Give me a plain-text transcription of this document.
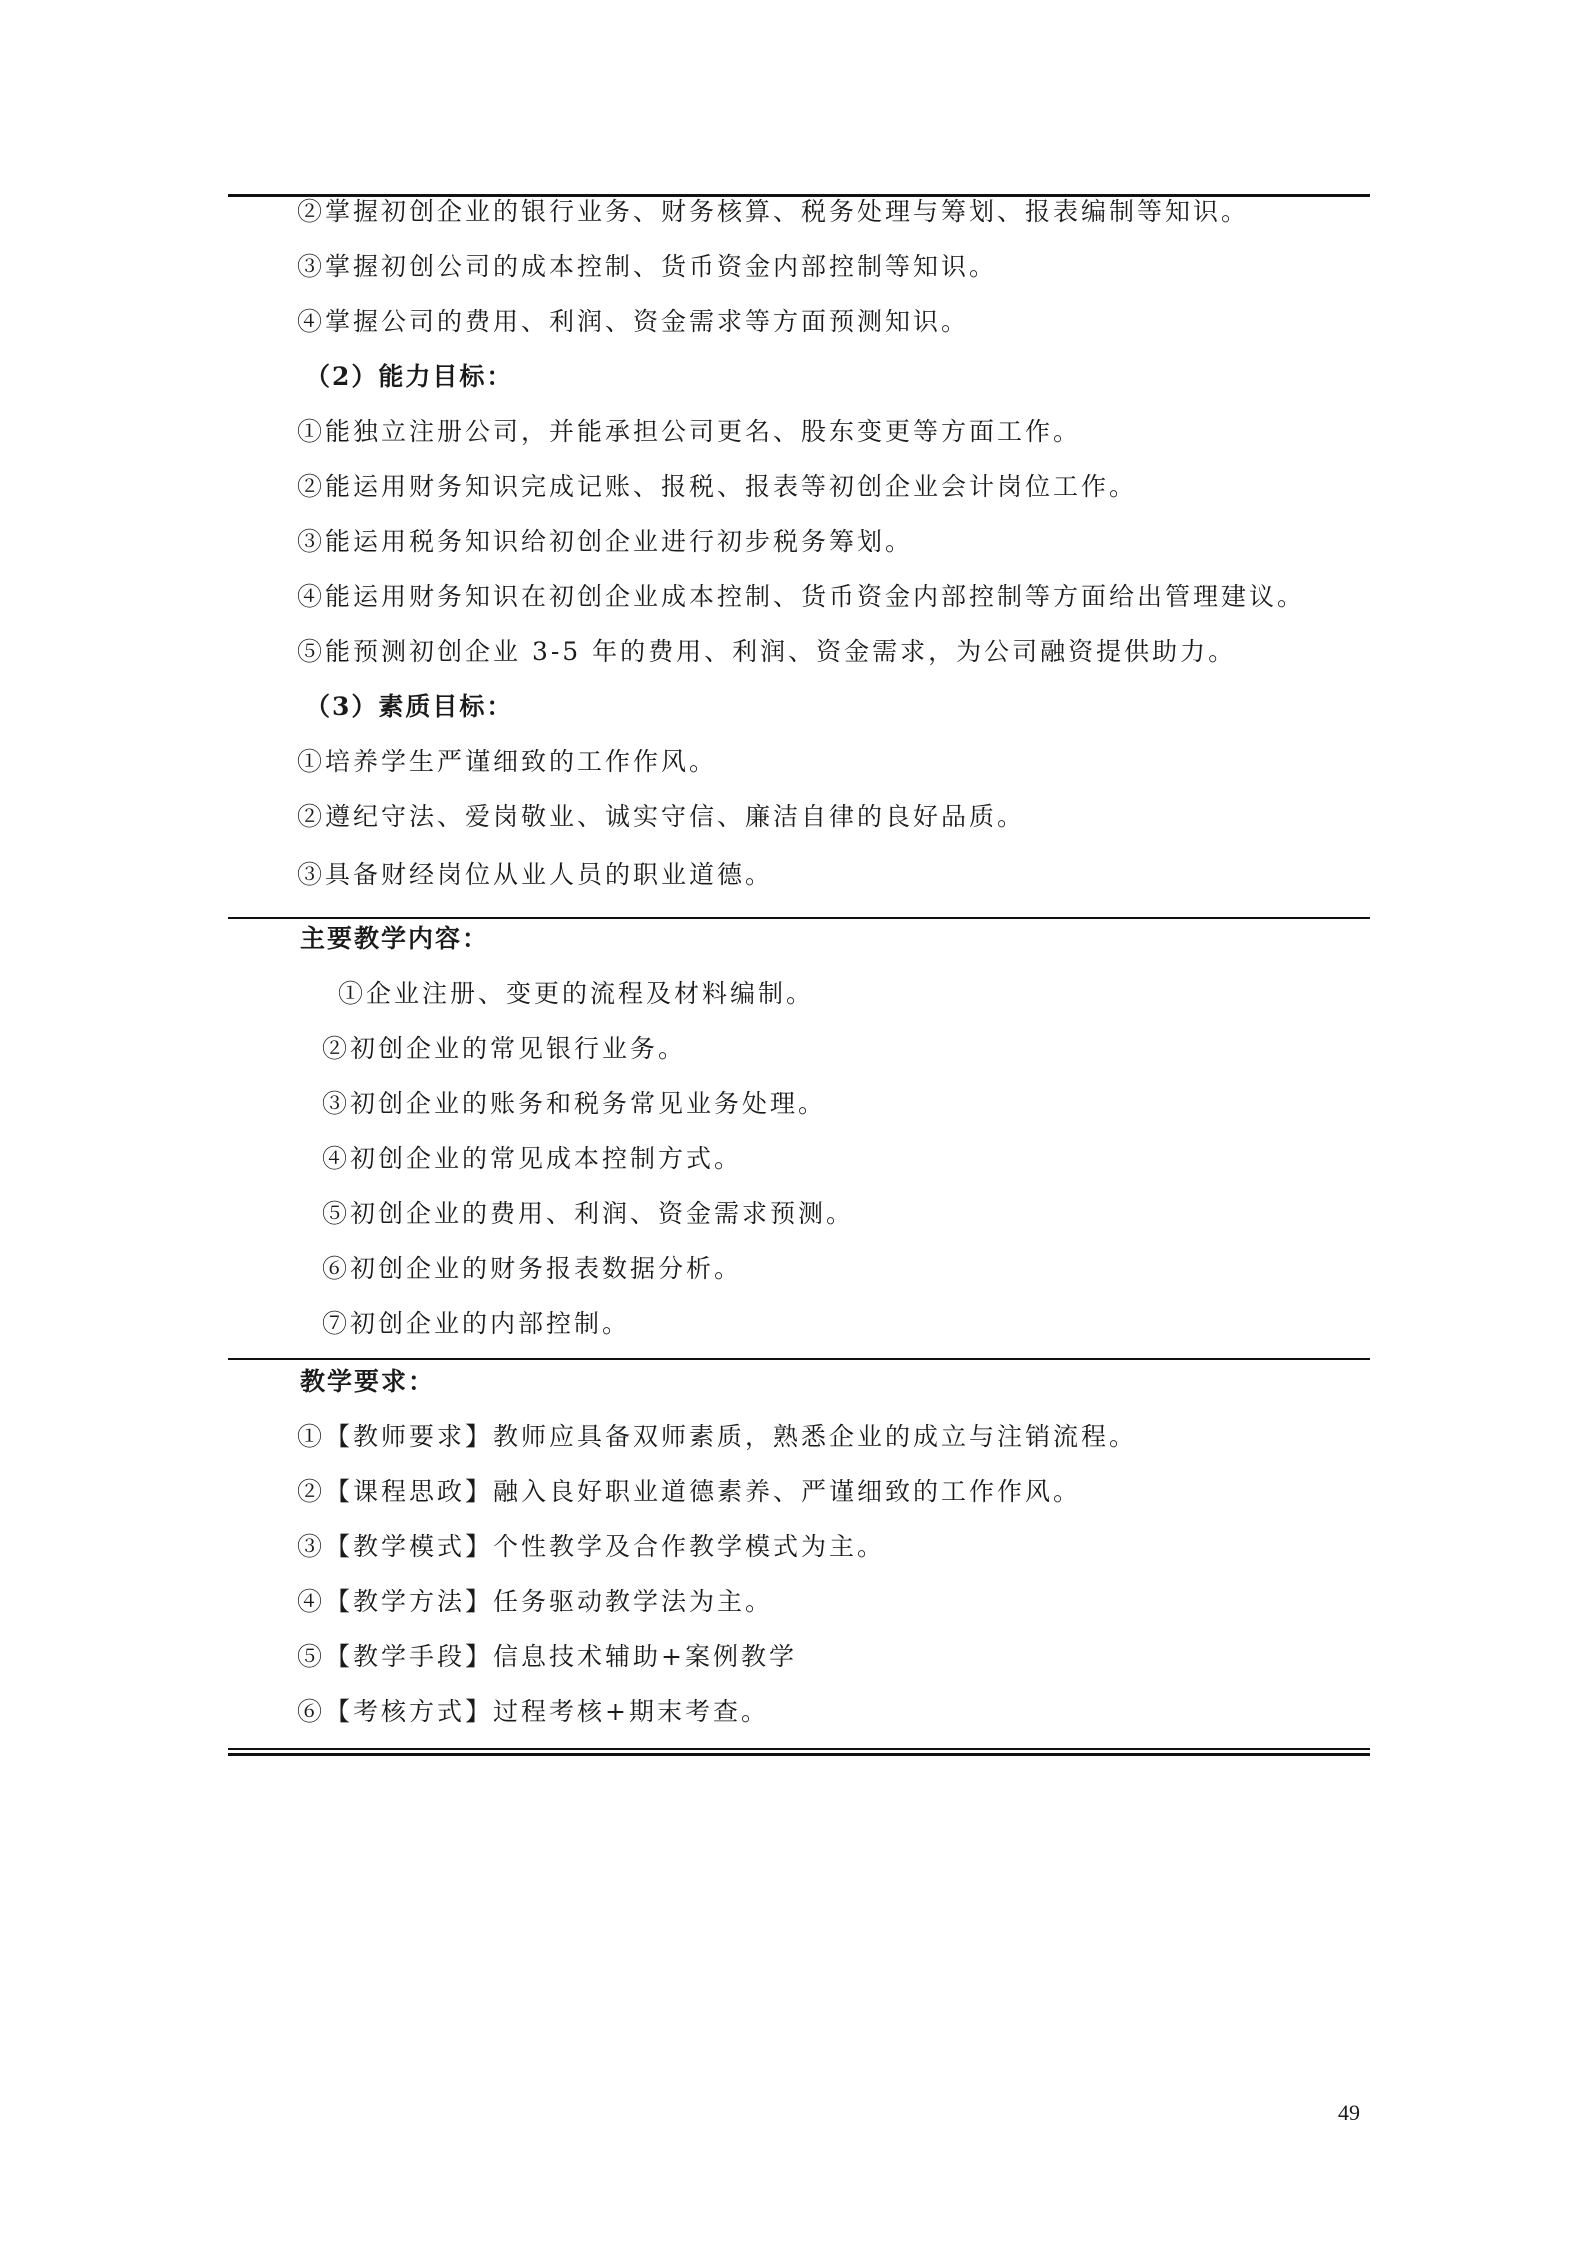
②掌握初创企业的银行业务、财务核算、税务处理与筹划、报表编制等知识。
③掌握初创公司的成本控制、货币资金内部控制等知识。
④掌握公司的费用、利润、资金需求等方面预测知识。
（2）能力目标：
①能独立注册公司，并能承担公司更名、股东变更等方面工作。
②能运用财务知识完成记账、报税、报表等初创企业会计岗位工作。
③能运用税务知识给初创企业进行初步税务筹划。
④能运用财务知识在初创企业成本控制、货币资金内部控制等方面给出管理建议。
⑤能预测初创企业 3-5 年的费用、利润、资金需求，为公司融资提供助力。
（3）素质目标：
①培养学生严谨细致的工作作风。
②遵纪守法、爱岗敬业、诚实守信、廉洁自律的良好品质。
③具备财经岗位从业人员的职业道德。
主要教学内容：
①企业注册、变更的流程及材料编制。
②初创企业的常见银行业务。
③初创企业的账务和税务常见业务处理。
④初创企业的常见成本控制方式。
⑤初创企业的费用、利润、资金需求预测。
⑥初创企业的财务报表数据分析。
⑦初创企业的内部控制。
教学要求：
①【教师要求】教师应具备双师素质，熟悉企业的成立与注销流程。
②【课程思政】融入良好职业道德素养、严谨细致的工作作风。
③【教学模式】个性教学及合作教学模式为主。
④【教学方法】任务驱动教学法为主。
⑤【教学手段】信息技术辅助+案例教学
⑥【考核方式】过程考核+期末考查。
49
